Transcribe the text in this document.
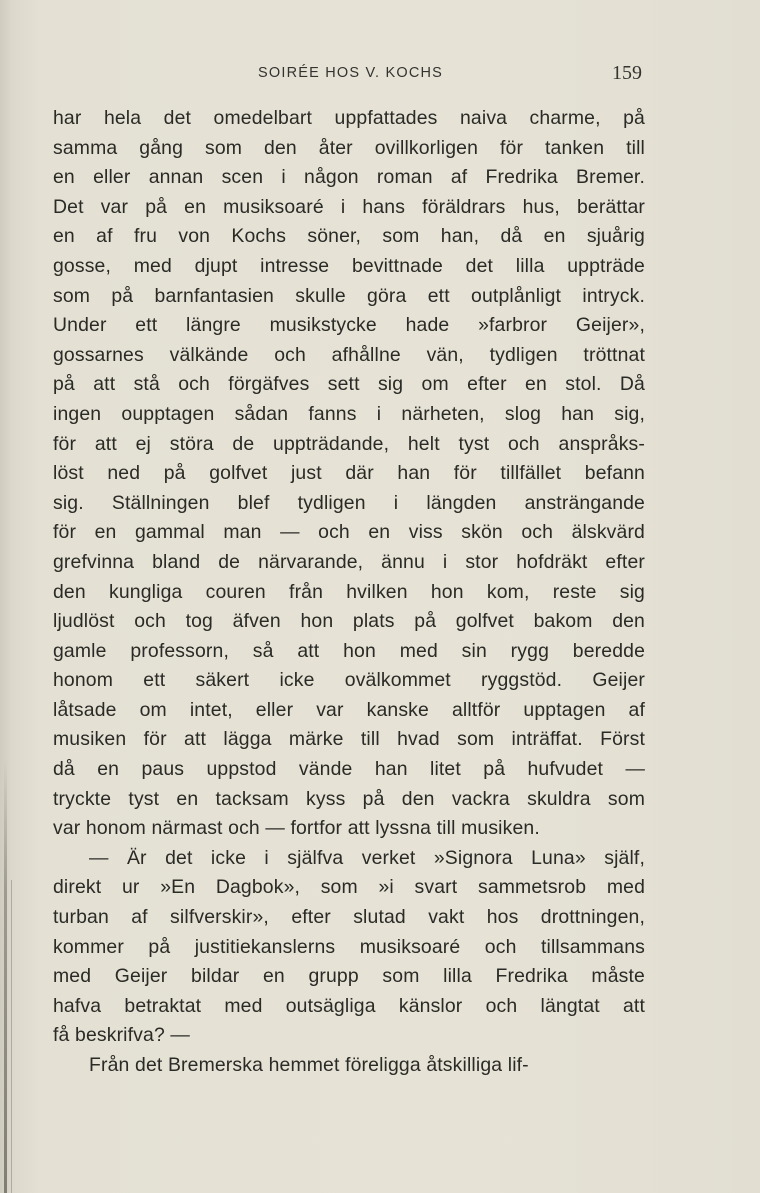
SOIRÉE HOS V. KOCHS	159
har hela det omedelbart uppfattades naiva charme, på
samma gång som den åter ovillkorligen för tanken till
en eller annan scen i någon roman af Fredrika Bremer.
Det var på en musiksoaré i hans föräldrars hus, berättar
en af fru von Kochs söner, som han, då en sjuårig
gosse, med djupt intresse bevittnade det lilla uppträde
som på barnfantasien skulle göra ett outplånligt intryck.
Under ett längre musikstycke hade »farbror Geijer»,
gossarnes välkände och afhållne vän, tydligen tröttnat
på att stå och förgäfves sett sig om efter en stol. Då
ingen oupptagen sådan fanns i närheten, slog han sig,
för att ej störa de uppträdande, helt tyst och anspråks-
löst ned på golfvet just där han för tillfället befann
sig. Ställningen blef tydligen i längden ansträngande
för en gammal man — och en viss skön och älskvärd
grefvinna bland de närvarande, ännu i stor hofdräkt efter
den kungliga couren från hvilken hon kom, reste sig
ljudlöst och tog äfven hon plats på golfvet bakom den
gamle professorn, så att hon med sin rygg beredde
honom ett säkert icke ovälkommet ryggstöd. Geijer
låtsade om intet, eller var kanske alltför upptagen af
musiken för att lägga märke till hvad som inträffat. Först
då en paus uppstod vände han litet på hufvudet —
tryckte tyst en tacksam kyss på den vackra skuldra som
var honom närmast och — fortfor att lyssna till musiken.
— Är det icke i själfva verket »Signora Luna» själf,
direkt ur »En Dagbok», som »i svart sammetsrob med
turban af silfverskir», efter slutad vakt hos drottningen,
kommer på justitiekanslerns musiksoaré och tillsammans
med Geijer bildar en grupp som lilla Fredrika måste
hafva betraktat med outsägliga känslor och längtat att
få beskrifva? —
Från det Bremerska hemmet föreligga åtskilliga lif-
